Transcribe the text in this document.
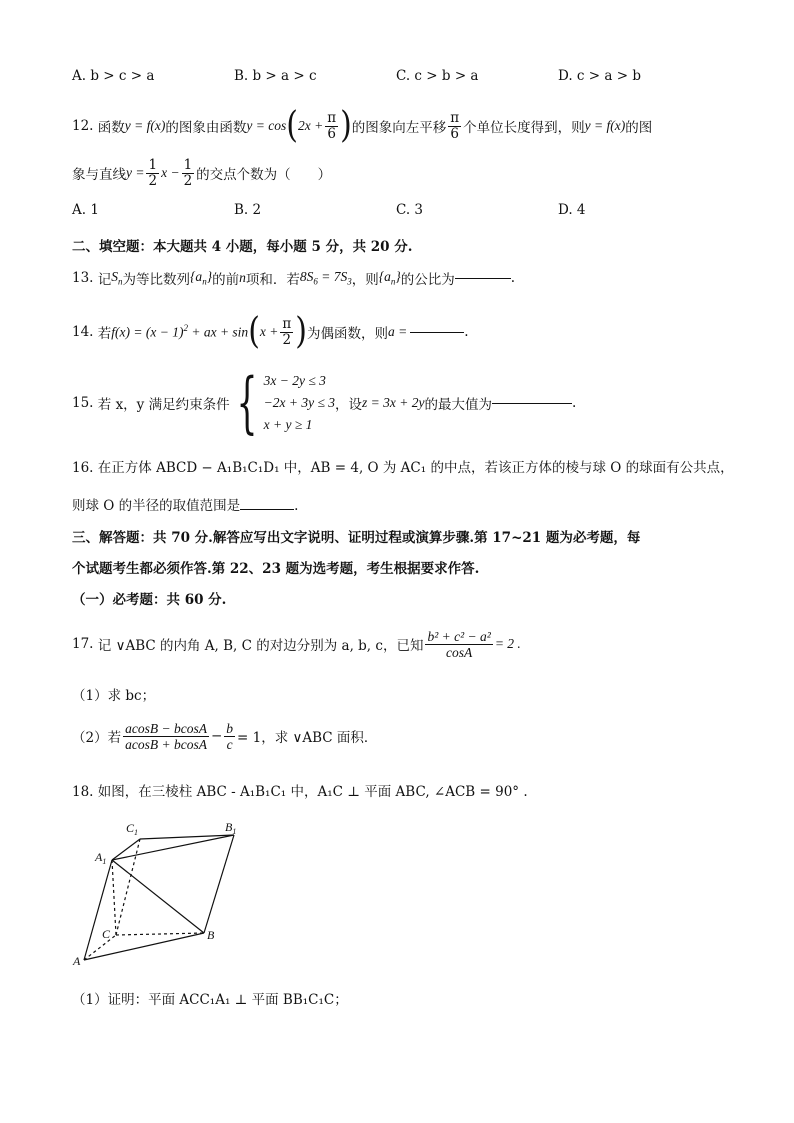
A. b > c > a	B. b > a > c	C. c > b > a	D. c > a > b
12.
函数 y = f(x) 的图象由函数 y = cos ( $2x + \frac{\pi}{6}$ ) 的图象向左平移 $\frac{\pi}{6}$ 个单位长度得到，则 y = f(x) 的图
象与直线 $y = \frac{1}{2}$ $x - \frac{1}{2}$ 的交点个数为（　　）
A. 1	B. 2	C. 3	D. 4
二、填空题：本大题共 4 小题，每小题 5 分，共 20 分.
13.
记 $S_n$ 为等比数列 $\{a_n\}$ 的前 n 项和．若 $8S_6 = 7S_3$ ，则 $\{a_n\}$ 的公比为	.
14.
若 $f(x) = (x - 1)^2$ + ax + sin ( $x + \frac{\pi}{2}$ ) 为偶函数，则 a =	.
15.
若 x，y 满足约束条件 { 3x − 2y ≤ 3
−2x + 3y ≤ 3
x + y ≥ 1
，设 z = 3x + 2y 的最大值为	.
16. 在正方体 ABCD − A₁B₁C₁D₁ 中，AB = 4, O 为 AC₁ 的中点，若该正方体的棱与球 O 的球面有公共点，
则球 O 的半径的取值范围是	.
三、解答题：共 70 分.解答应写出文字说明、证明过程或演算步骤.第 17~21 题为必考题，每
个试题考生都必须作答.第 22、23 题为选考题，考生根据要求作答.
（一）必考题：共 60 分.
17.
记 ∨ABC 的内角 A, B, C 的对边分别为 a, b, c，已知 $\frac{\text{b² + c² − a²}}{\cos A} = 2$ .
（1）求 bc；
（2）若 $\frac{acosB - bcosA}{acosB + bcosA} - \frac{b}{c} = 1$，求 ∨ABC 面积．
18. 如图，在三棱柱 ABC - A₁B₁C₁ 中，A₁C ⊥ 平面 ABC, ∠ACB = 90° .
$C_1$	$B_1$
$A_1$
C	B
A
（1）证明：平面 ACC₁A₁ ⊥ 平面 BB₁C₁C；
